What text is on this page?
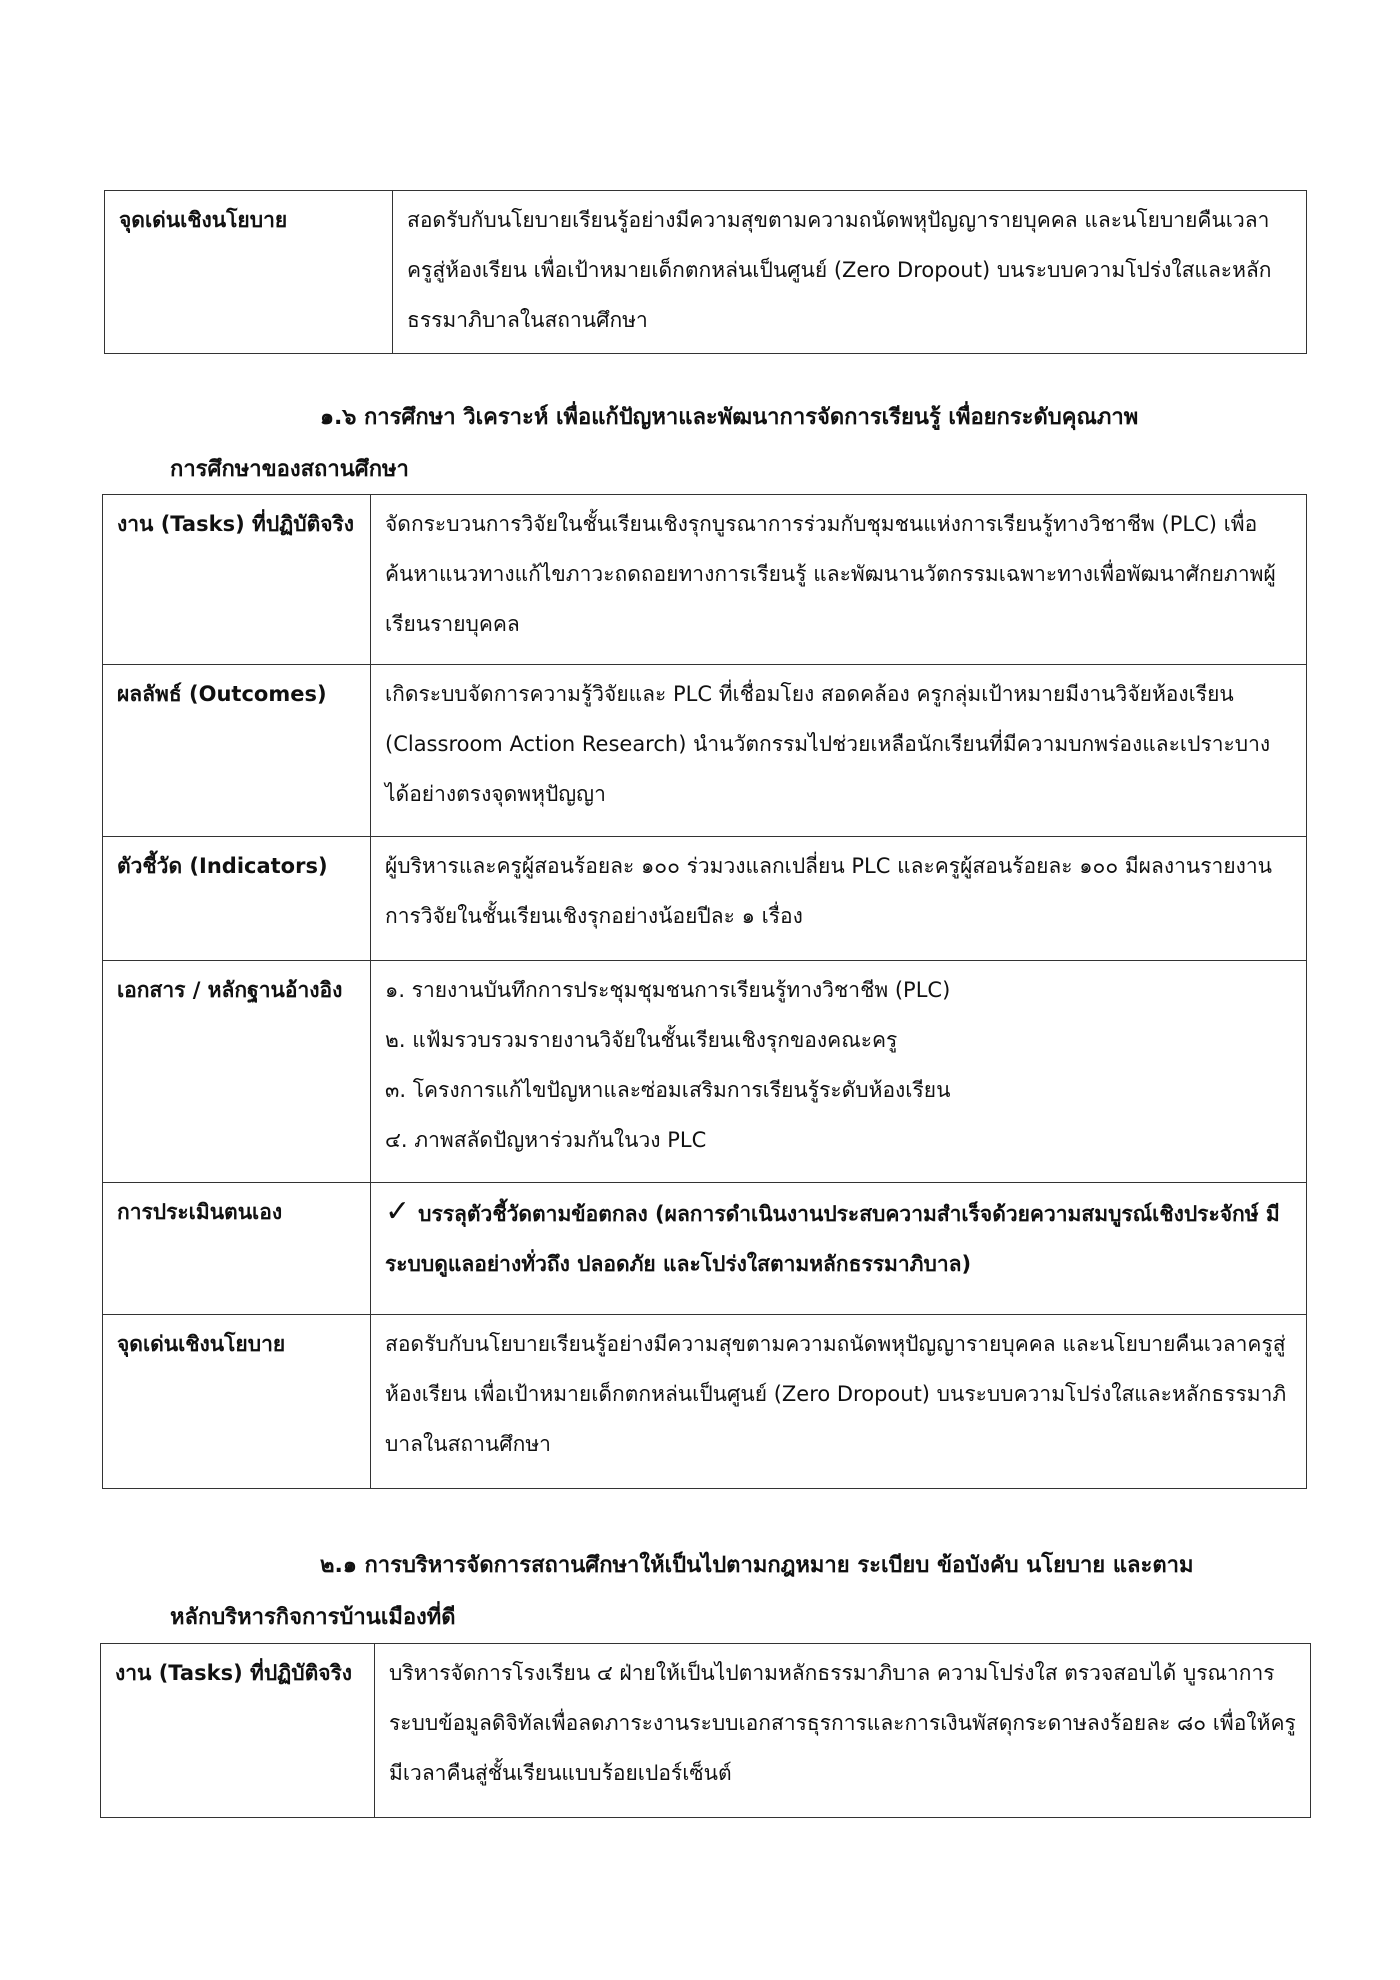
จุดเด่นเชิงนโยบาย	สอดรับกับนโยบายเรียนรู้อย่างมีความสุขตามความถนัดพหุปัญญารายบุคคล และนโยบายคืนเวลาครูสู่ห้องเรียน เพื่อเป้าหมายเด็กตกหล่นเป็นศูนย์ (Zero Dropout) บนระบบความโปร่งใสและหลักธรรมาภิบาลในสถานศึกษา
๑.๖ การศึกษา วิเคราะห์ เพื่อแก้ปัญหาและพัฒนาการจัดการเรียนรู้ เพื่อยกระดับคุณภาพ
การศึกษาของสถานศึกษา
งาน (Tasks) ที่ปฏิบัติจริง	จัดกระบวนการวิจัยในชั้นเรียนเชิงรุกบูรณาการร่วมกับชุมชนแห่งการเรียนรู้ทางวิชาชีพ (PLC) เพื่อค้นหาแนวทางแก้ไขภาวะถดถอยทางการเรียนรู้ และพัฒนานวัตกรรมเฉพาะทางเพื่อพัฒนาศักยภาพผู้เรียนรายบุคคล
ผลลัพธ์ (Outcomes)	เกิดระบบจัดการความรู้วิจัยและ PLC ที่เชื่อมโยง สอดคล้อง ครูกลุ่มเป้าหมายมีงานวิจัยห้องเรียน (Classroom Action Research) นำนวัตกรรมไปช่วยเหลือนักเรียนที่มีความบกพร่องและเปราะบางได้อย่างตรงจุดพหุปัญญา
ตัวชี้วัด (Indicators)	ผู้บริหารและครูผู้สอนร้อยละ ๑๐๐ ร่วมวงแลกเปลี่ยน PLC และครูผู้สอนร้อยละ ๑๐๐ มีผลงานรายงานการวิจัยในชั้นเรียนเชิงรุกอย่างน้อยปีละ ๑ เรื่อง
เอกสาร / หลักฐานอ้างอิง	๑. รายงานบันทึกการประชุมชุมชนการเรียนรู้ทางวิชาชีพ (PLC)
๒. แฟ้มรวบรวมรายงานวิจัยในชั้นเรียนเชิงรุกของคณะครู
๓. โครงการแก้ไขปัญหาและซ่อมเสริมการเรียนรู้ระดับห้องเรียน
๔. ภาพสลัดปัญหาร่วมกันในวง PLC

การประเมินตนเอง	✓ บรรลุตัวชี้วัดตามข้อตกลง (ผลการดำเนินงานประสบความสำเร็จด้วยความสมบูรณ์เชิงประจักษ์ มีระบบดูแลอย่างทั่วถึง ปลอดภัย และโปร่งใสตามหลักธรรมาภิบาล)
จุดเด่นเชิงนโยบาย	สอดรับกับนโยบายเรียนรู้อย่างมีความสุขตามความถนัดพหุปัญญารายบุคคล และนโยบายคืนเวลาครูสู่ห้องเรียน เพื่อเป้าหมายเด็กตกหล่นเป็นศูนย์ (Zero Dropout) บนระบบความโปร่งใสและหลักธรรมาภิบาลในสถานศึกษา
๒.๑ การบริหารจัดการสถานศึกษาให้เป็นไปตามกฎหมาย ระเบียบ ข้อบังคับ นโยบาย และตาม
หลักบริหารกิจการบ้านเมืองที่ดี
งาน (Tasks) ที่ปฏิบัติจริง	บริหารจัดการโรงเรียน ๔ ฝ่ายให้เป็นไปตามหลักธรรมาภิบาล ความโปร่งใส ตรวจสอบได้ บูรณาการระบบข้อมูลดิจิทัลเพื่อลดภาระงานระบบเอกสารธุรการและการเงินพัสดุกระดาษลงร้อยละ ๘๐ เพื่อให้ครูมีเวลาคืนสู่ชั้นเรียนแบบร้อยเปอร์เซ็นต์
